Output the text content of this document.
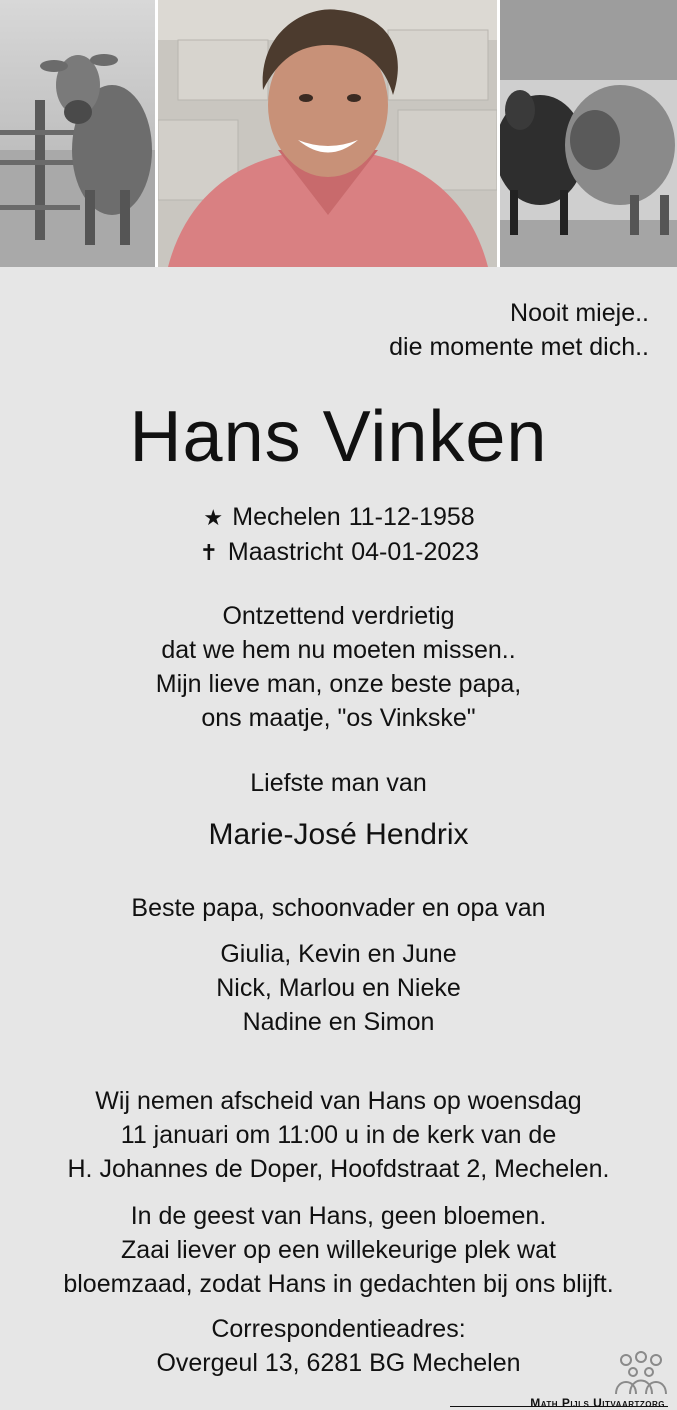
Nooit mieje..
die momente met dich..
Hans Vinken
★ Mechelen 11-12-1958
✝ Maastricht 04-01-2023
Ontzettend verdrietig
dat we hem nu moeten missen..
Mijn lieve man, onze beste papa,
ons maatje, "os Vinkske"
Liefste man van
Marie-José Hendrix
Beste papa, schoonvader en opa van
Giulia, Kevin en June
Nick, Marlou en Nieke
Nadine en Simon
Wij nemen afscheid van Hans op woensdag
11 januari om 11:00 u in de kerk van de
H. Johannes de Doper, Hoofdstraat 2, Mechelen.
In de geest van Hans, geen bloemen.
Zaai liever op een willekeurige plek wat
bloemzaad, zodat Hans in gedachten bij ons blijft.
Correspondentieadres:
Overgeul 13, 6281 BG Mechelen
Math Pijls Uitvaartzorg
